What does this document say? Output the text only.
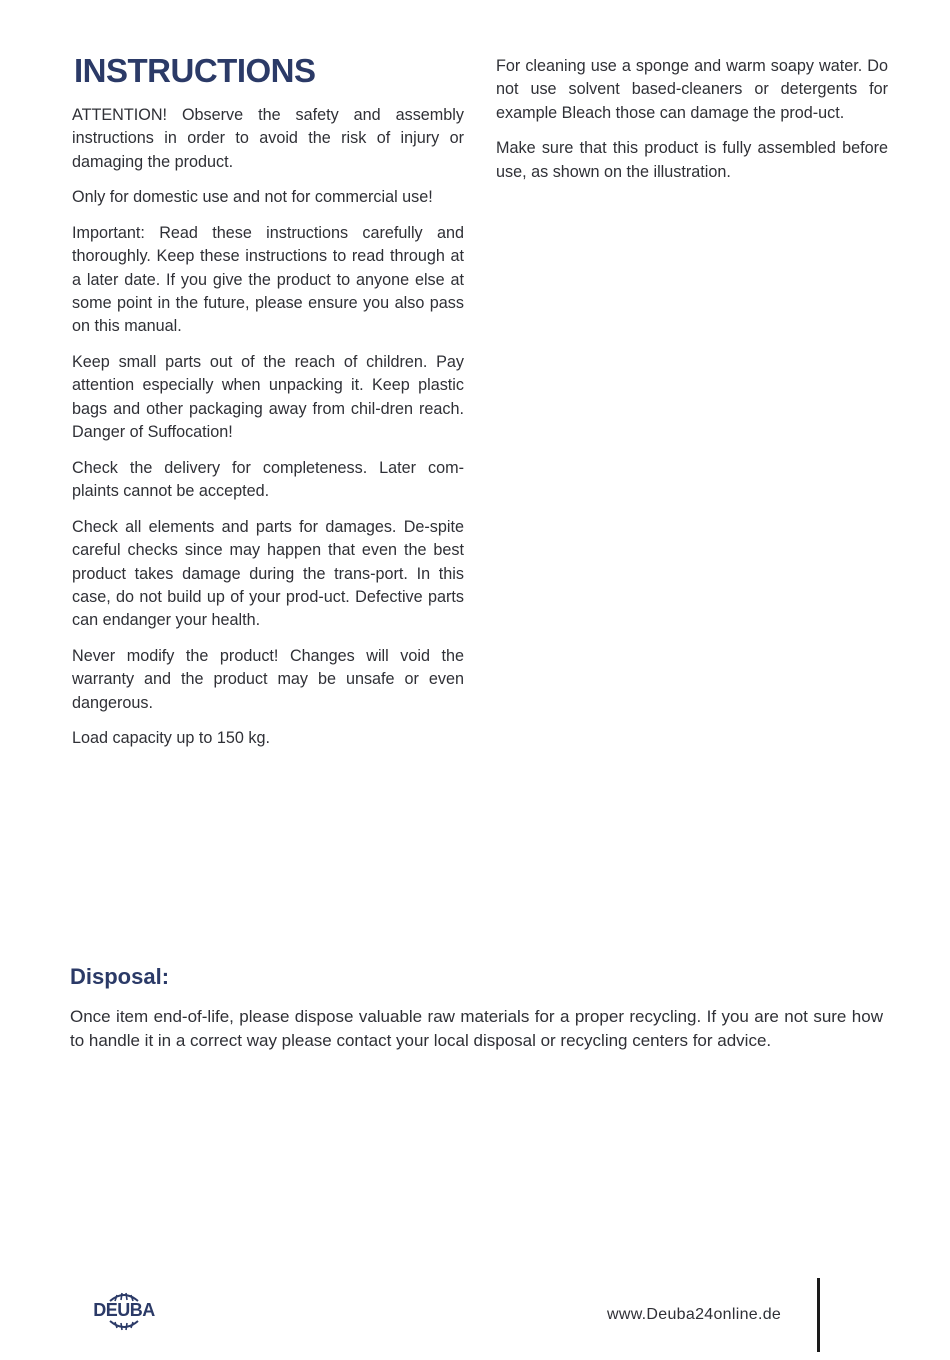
INSTRUCTIONS

ATTENTION! Observe the safety and assembly instructions in order to avoid the risk of injury or damaging the product.

Only for domestic use and not for commercial use!

Important: Read these instructions carefully and thoroughly. Keep these instructions to read through at a later date. If you give the product to anyone else at some point in the future, please ensure you also pass on this manual.

Keep small parts out of the reach of children. Pay attention especially when unpacking it. Keep plastic bags and other packaging away from chil-dren reach. Danger of Suffocation!

Check the delivery for completeness. Later com-plaints cannot be accepted.

Check all elements and parts for damages. De-spite careful checks since may happen that even the best product takes damage during the trans-port. In this case, do not build up of your prod-uct. Defective parts can endanger your health.

Never modify the product! Changes will void the warranty and the product may be unsafe or even dangerous.

Load capacity up to 150 kg.

For cleaning use a sponge and warm soapy water. Do not use solvent based-cleaners or detergents for example Bleach those can damage the prod-uct.

Make sure that this product is fully assembled before use, as shown on the illustration.

Disposal:

Once item end-of-life, please dispose valuable raw materials for a proper recycling. If you are not sure how to handle it in a correct way please contact your local disposal or recycling centers for advice.

DEUBA	www.Deuba24online.de
